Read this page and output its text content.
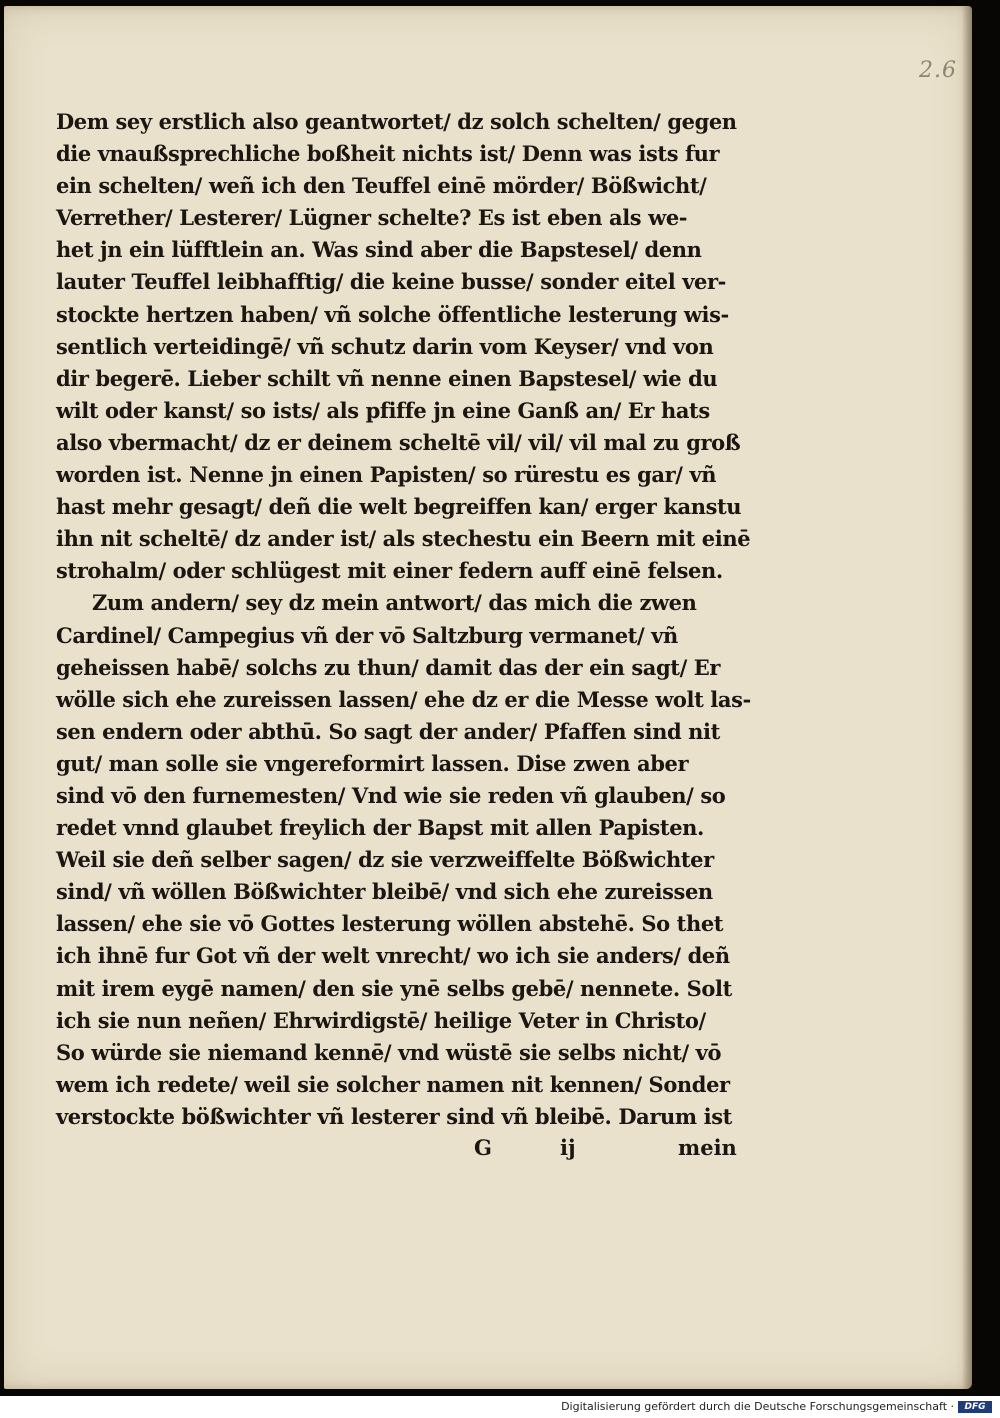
2.6
Dem sey erstlich also geantwortet/ dz solch schelten/ gegen
die vnaußsprechliche boßheit nichts ist/ Denn was ists fur
ein schelten/ weñ ich den Teuffel einē mörder/ Bößwicht/
Verrether/ Lesterer/ Lügner schelte? Es ist eben als we-
het jn ein lüfftlein an. Was sind aber die Bapstesel/ denn
lauter Teuffel leibhafftig/ die keine busse/ sonder eitel ver-
stockte hertzen haben/ vñ solche öffentliche lesterung wis-
sentlich verteidingē/ vñ schutz darin vom Keyser/ vnd von
dir begerē. Lieber schilt vñ nenne einen Bapstesel/ wie du
wilt oder kanst/ so ists/ als pfiffe jn eine Ganß an/ Er hats
also vbermacht/ dz er deinem scheltē vil/ vil/ vil mal zu groß
worden ist. Nenne jn einen Papisten/ so rürestu es gar/ vñ
hast mehr gesagt/ deñ die welt begreiffen kan/ erger kanstu
ihn nit scheltē/ dz ander ist/ als stechestu ein Beern mit einē
strohalm/ oder schlügest mit einer federn auff einē felsen.
Zum andern/ sey dz mein antwort/ das mich die zwen
Cardinel/ Campegius vñ der vō Saltzburg vermanet/ vñ
geheissen habē/ solchs zu thun/ damit das der ein sagt/ Er
wölle sich ehe zureissen lassen/ ehe dz er die Messe wolt las-
sen endern oder abthū. So sagt der ander/ Pfaffen sind nit
gut/ man solle sie vngereformirt lassen. Dise zwen aber
sind vō den furnemesten/ Vnd wie sie reden vñ glauben/ so
redet vnnd glaubet freylich der Bapst mit allen Papisten.
Weil sie deñ selber sagen/ dz sie verzweiffelte Bößwichter
sind/ vñ wöllen Bößwichter bleibē/ vnd sich ehe zureissen
lassen/ ehe sie vō Gottes lesterung wöllen abstehē. So thet
ich ihnē fur Got vñ der welt vnrecht/ wo ich sie anders/ deñ
mit irem eygē namen/ den sie ynē selbs gebē/ nennete. Solt
ich sie nun neñen/ Ehrwirdigstē/ heilige Veter in Christo/
So würde sie niemand kennē/ vnd wüstē sie selbs nicht/ vō
wem ich redete/ weil sie solcher namen nit kennen/ Sonder
verstockte bößwichter vñ lesterer sind vñ bleibē. Darum ist
G	ij	mein
Digitalisierung gefördert durch die Deutsche Forschungsgemeinschaft ·	DFG
